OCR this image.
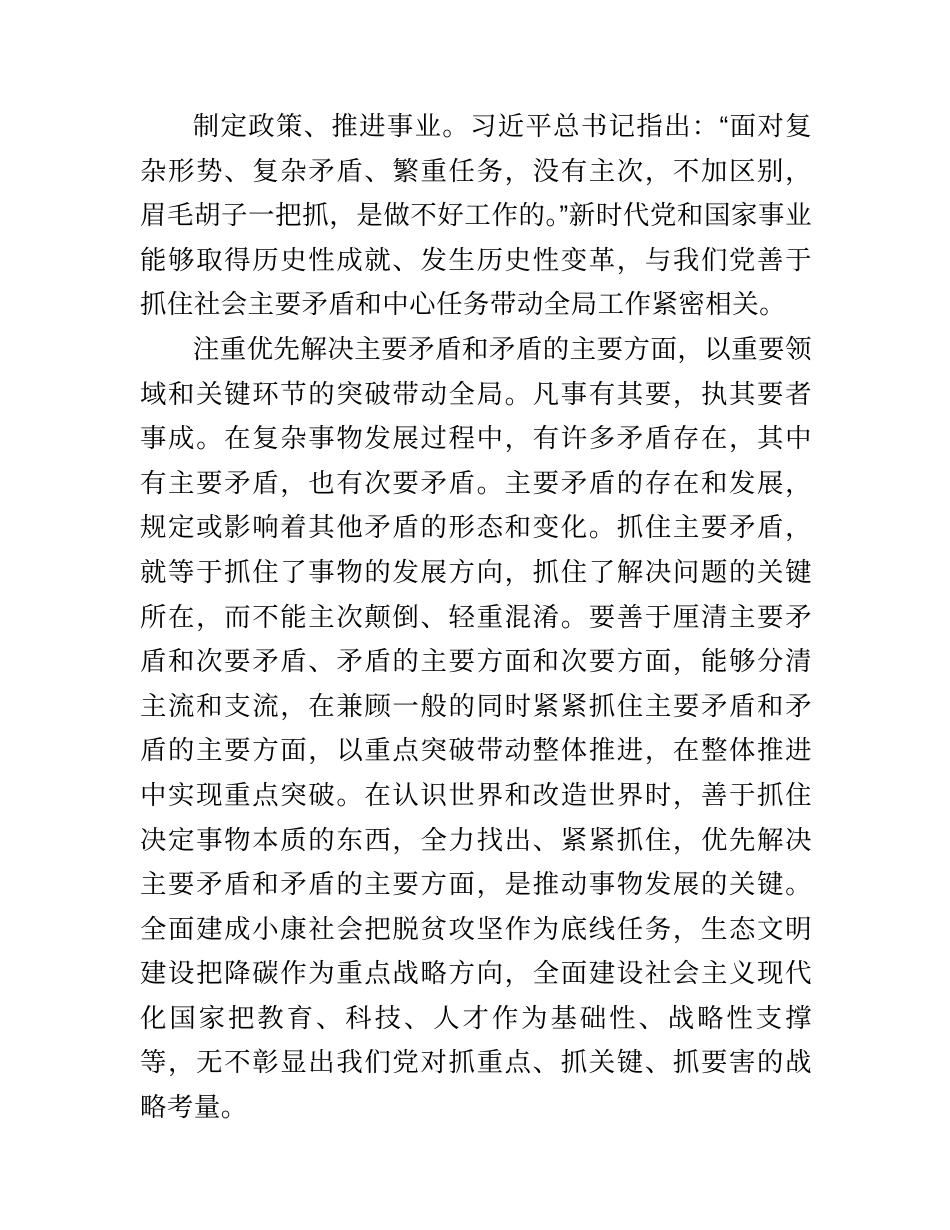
制定政策、推进事业。习近平总书记指出：“面对复杂形势、复杂矛盾、繁重任务，没有主次，不加区别，眉毛胡子一把抓，是做不好工作的。”新时代党和国家事业能够取得历史性成就、发生历史性变革，与我们党善于抓住社会主要矛盾和中心任务带动全局工作紧密相关。

注重优先解决主要矛盾和矛盾的主要方面，以重要领域和关键环节的突破带动全局。凡事有其要，执其要者事成。在复杂事物发展过程中，有许多矛盾存在，其中有主要矛盾，也有次要矛盾。主要矛盾的存在和发展，规定或影响着其他矛盾的形态和变化。抓住主要矛盾，就等于抓住了事物的发展方向，抓住了解决问题的关键所在，而不能主次颠倒、轻重混淆。要善于厘清主要矛盾和次要矛盾、矛盾的主要方面和次要方面，能够分清主流和支流，在兼顾一般的同时紧紧抓住主要矛盾和矛盾的主要方面，以重点突破带动整体推进，在整体推进中实现重点突破。在认识世界和改造世界时，善于抓住决定事物本质的东西，全力找出、紧紧抓住，优先解决主要矛盾和矛盾的主要方面，是推动事物发展的关键。全面建成小康社会把脱贫攻坚作为底线任务，生态文明建设把降碳作为重点战略方向，全面建设社会主义现代化国家把教育、科技、人才作为基础性、战略性支撑等，无不彰显出我们党对抓重点、抓关键、抓要害的战略考量。
